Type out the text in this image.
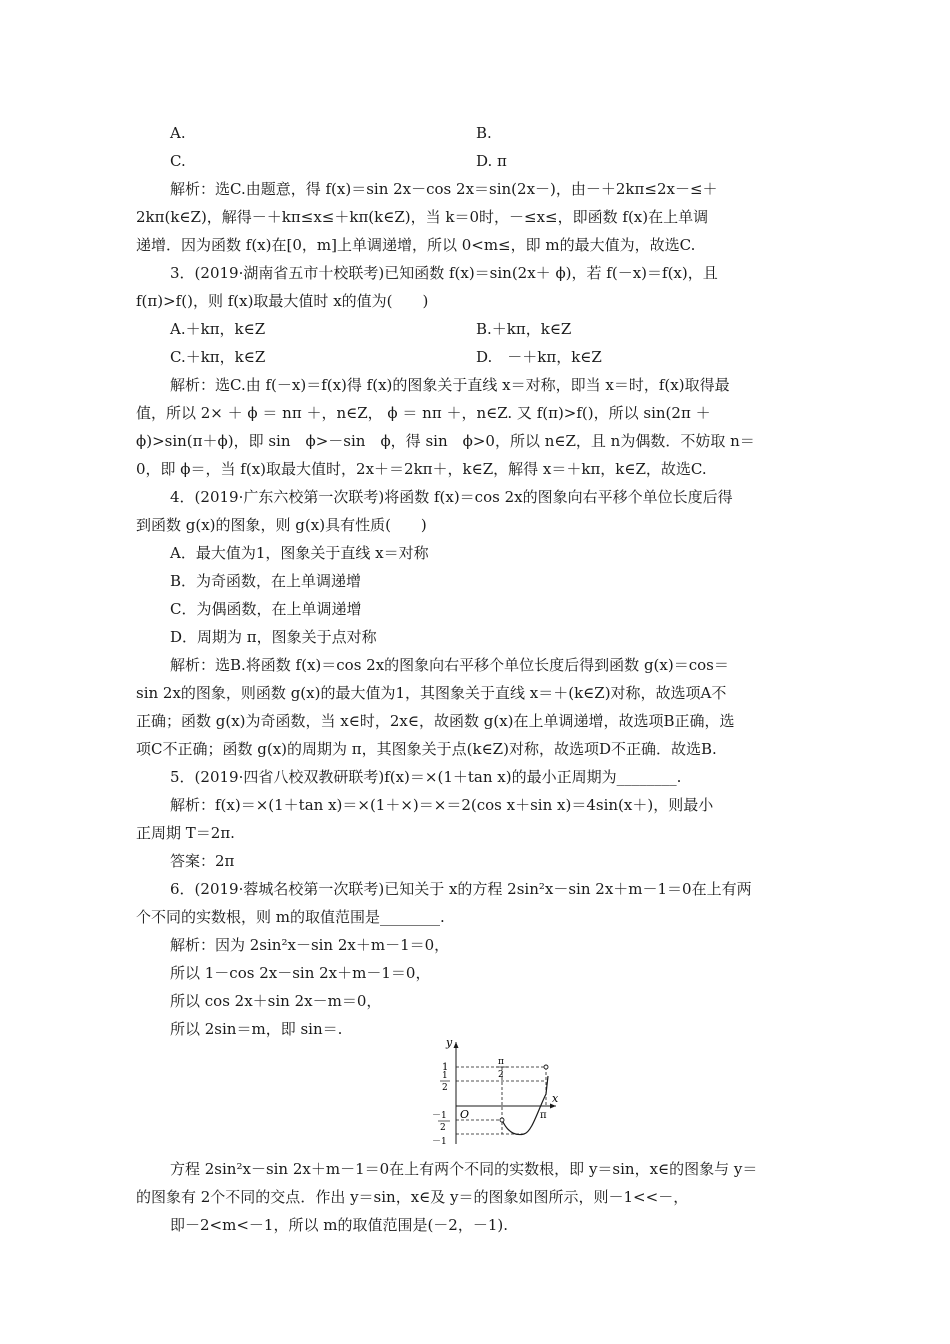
A.	B.
C.	D. π
解析：选C.由题意，得 f(x)＝sin 2x－cos 2x＝sin(2x－)，由－＋2kπ≤2x－≤＋
2kπ(k∈Z)，解得－＋kπ≤x≤＋kπ(k∈Z)，当 k＝0时，－≤x≤，即函数 f(x)在上单调
递增．因为函数 f(x)在[0，m]上单调递增，所以 0<m≤，即 m的最大值为，故选C.
3．(2019·湖南省五市十校联考)已知函数 f(x)＝sin(2x＋ ϕ)，若 f(－x)＝f(x)，且
f(π)>f()，则 f(x)取最大值时 x的值为(　　)
A.＋kπ，k∈Z	B.＋kπ，k∈Z
C.＋kπ，k∈Z	D.　－＋kπ，k∈Z
解析：选C.由 f(－x)＝f(x)得 f(x)的图象关于直线 x＝对称，即当 x＝时，f(x)取得最
值，所以 2× ＋ ϕ ＝ nπ ＋，n∈Z， ϕ ＝ nπ ＋，n∈Z. 又 f(π)>f()，所以 sin(2π ＋
ϕ)>sin(π＋ϕ)，即 sin　ϕ>－sin　ϕ，得 sin　ϕ>0，所以 n∈Z，且 n为偶数．不妨取 n＝
0，即 ϕ＝，当 f(x)取最大值时，2x＋＝2kπ＋，k∈Z，解得 x＝＋kπ，k∈Z，故选C.
4．(2019·广东六校第一次联考)将函数 f(x)＝cos 2x的图象向右平移个单位长度后得
到函数 g(x)的图象，则 g(x)具有性质(　　)
A．最大值为1，图象关于直线 x＝对称
B．为奇函数，在上单调递增
C．为偶函数，在上单调递增
D．周期为 π，图象关于点对称
解析：选B.将函数 f(x)＝cos 2x的图象向右平移个单位长度后得到函数 g(x)＝cos＝
sin 2x的图象，则函数 g(x)的最大值为1，其图象关于直线 x＝＋(k∈Z)对称，故选项A不
正确；函数 g(x)为奇函数，当 x∈时，2x∈，故函数 g(x)在上单调递增，故选项B正确，选
项C不正确；函数 g(x)的周期为 π，其图象关于点(k∈Z)对称，故选项D不正确．故选B.
5．(2019·四省八校双教研联考)f(x)＝×(1＋tan x)的最小正周期为________.
解析：f(x)＝×(1＋tan x)＝×(1＋×)＝×＝2(cos x＋sin x)＝4sin(x＋)，则最小
正周期 T＝2π.
答案：2π
6．(2019·蓉城名校第一次联考)已知关于 x的方程 2sin²x－sin 2x＋m－1＝0在上有两
个不同的实数根，则 m的取值范围是________.
解析：因为 2sin²x－sin 2x＋m－1＝0，
所以 1－cos 2x－sin 2x＋m－1＝0，
所以 cos 2x＋sin 2x－m＝0，
所以 2sin＝m，即 sin＝.
y
x
O
1
1
2
－1
2
－1
π
2
π
方程 2sin²x－sin 2x＋m－1＝0在上有两个不同的实数根，即 y＝sin，x∈的图象与 y＝
的图象有 2个不同的交点．作出 y＝sin，x∈及 y＝的图象如图所示，则－1<<－，
即－2<m<－1，所以 m的取值范围是(－2，－1).
